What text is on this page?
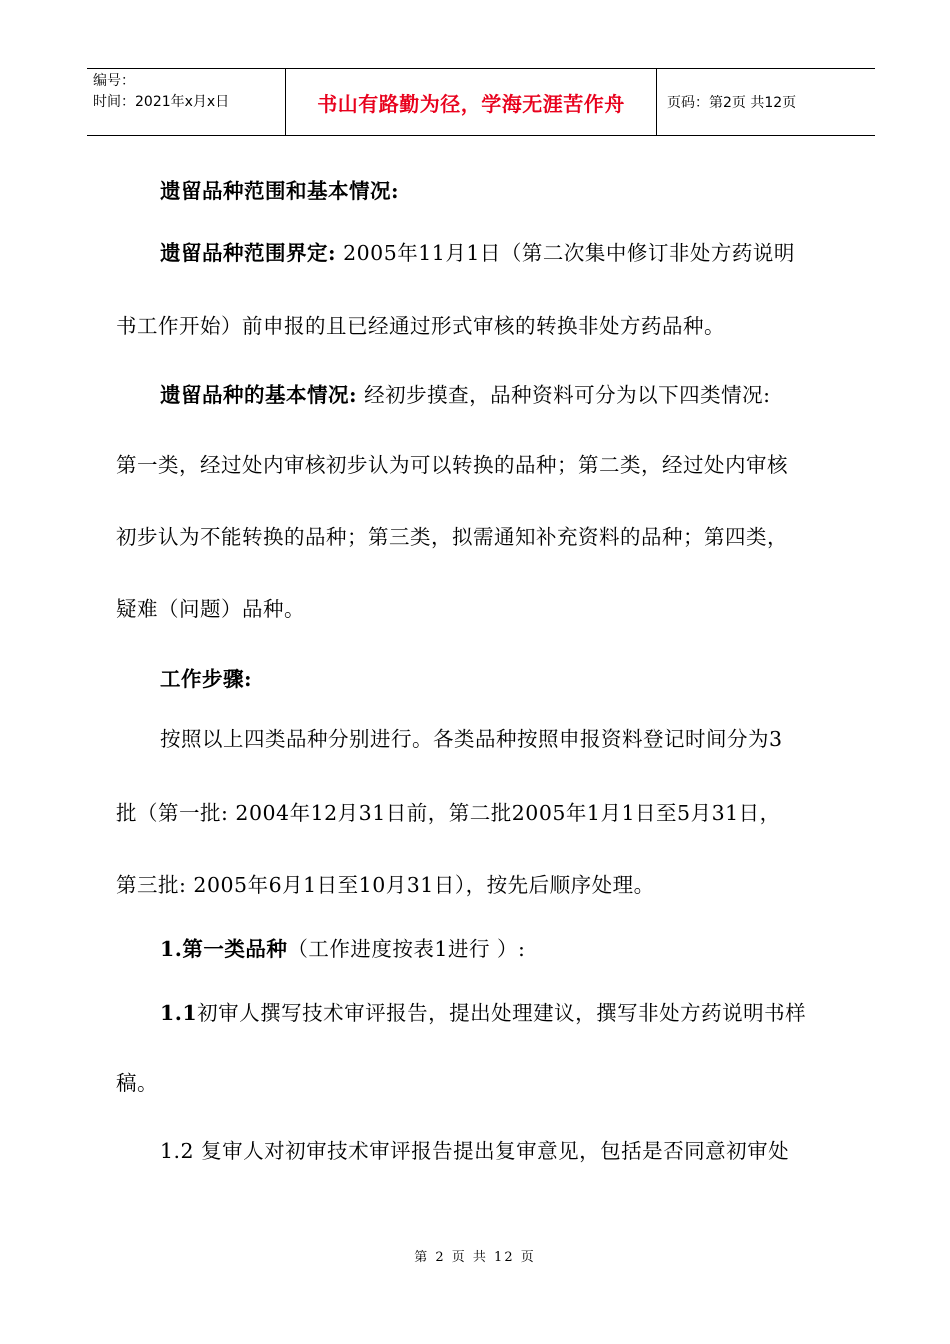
编号：
时间：2021年x月x日	书山有路勤为径，学海无涯苦作舟	页码：第2页 共12页
遗留品种范围和基本情况:
遗留品种范围界定: 2005年11月1日（第二次集中修订非处方药说明
书工作开始）前申报的且已经通过形式审核的转换非处方药品种。
遗留品种的基本情况: 经初步摸查，品种资料可分为以下四类情况:
第一类，经过处内审核初步认为可以转换的品种；第二类，经过处内审核
初步认为不能转换的品种；第三类，拟需通知补充资料的品种；第四类，
疑难（问题）品种。
工作步骤:
按照以上四类品种分别进行。各类品种按照申报资料登记时间分为3
批（第一批: 2004年12月31日前，第二批2005年1月1日至5月31日，
第三批: 2005年6月1日至10月31日），按先后顺序处理。
1.第一类品种（工作进度按表1进行 ）:
1.1初审人撰写技术审评报告，提出处理建议，撰写非处方药说明书样
稿。
1.2 复审人对初审技术审评报告提出复审意见，包括是否同意初审处
第 2 页 共 12 页
